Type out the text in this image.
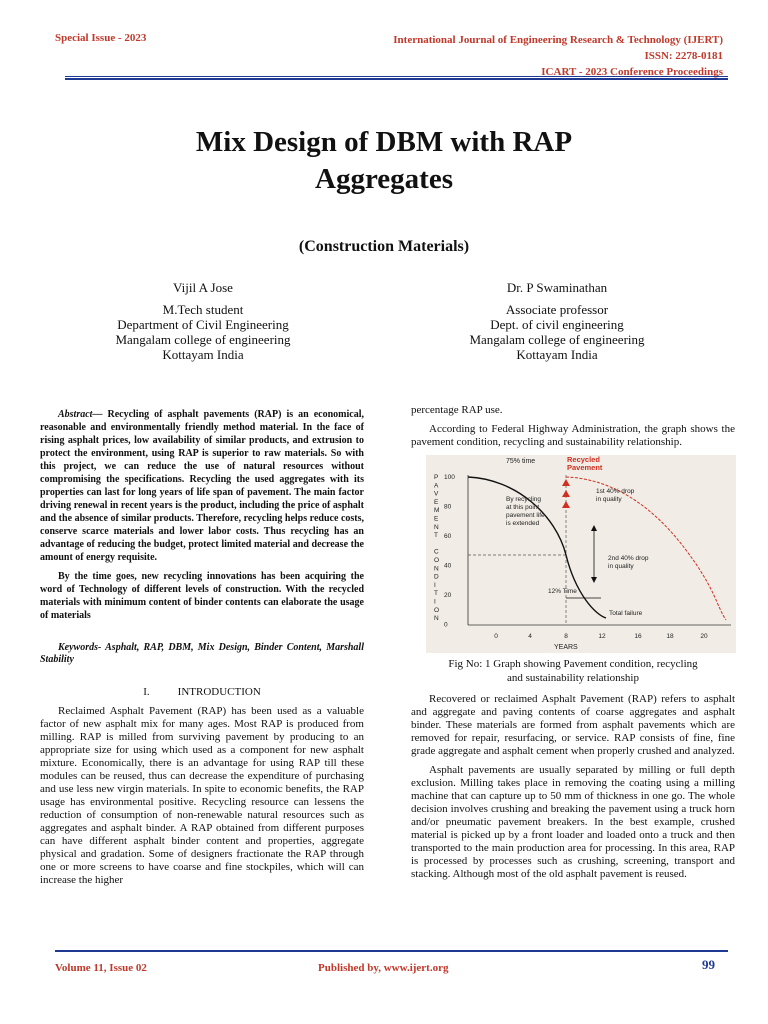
Special Issue - 2023	International Journal of Engineering Research & Technology (IJERT)
ISSN: 2278-0181
ICART - 2023 Conference Proceedings
Mix Design of DBM with RAP
Aggregates
(Construction Materials)
Vijil A Jose
M.Tech student
Department of Civil Engineering
Mangalam college of engineering
Kottayam India
Dr. P Swaminathan
Associate professor
Dept. of civil engineering
Mangalam college of engineering
Kottayam India

Abstract— Recycling of asphalt pavements (RAP) is an economical, reasonable and environmentally friendly method material. In the face of rising asphalt prices, low availability of similar products, and extrusion to protect the environment, using RAP is superior to raw materials. So with this project, we can reduce the use of natural resources without compromising the specifications. Recycling the used aggregates with its properties can last for long years of life span of pavement. The main factor driving renewal in recent years is the product, including the price of asphalt and the absence of similar products. Therefore, recycling helps reduce costs, conserve scarce materials and lower labor costs. Thus recycling has an advantage of reducing the budget, protect limited material and decrease the amount of energy requisite.

By the time goes, new recycling innovations has been acquiring the word of Technology of different levels of construction. With the recycled materials with minimum content of binder contents can elaborate the usage of materials

Keywords- Asphalt, RAP, DBM, Mix Design, Binder Content, Marshall Stability
I.	INTRODUCTION

Reclaimed Asphalt Pavement (RAP) has been used as a valuable factor of new asphalt mix for many ages. Most RAP is produced from milling. RAP is milled from surviving pavement by producing to an appropriate size for using which used as a component for new asphalt mixture. Economically, there is an advantage for using RAP till these modules can be reused, thus can decrease the expenditure of purchasing and use less new virgin materials. In spite to economic benefits, the RAP usage has environmental positive. Recycling resource can lessens the reduction of consumption of non-renewable natural resources such as aggregates and asphalt binder. A RAP obtained from different purposes can have different asphalt binder content and properties, aggregate physical and gradation. Some of designers fractionate the RAP through one or more screens to have coarse and fine stockpiles, which will can increase the higher

percentage RAP use.

According to Federal Highway Administration, the graph shows the pavement condition, recycling and sustainability relationship.

P
A
V
E
M
E
N
T
C
O
N
D
I
T
I
O
N
100
80
60
40
20
0
0	4	8	12	16	18	20
YEARS
75% time	Recycled
Pavement
By recycling
at this point
pavement life
is extended
1st 40% drop
in quality
2nd 40% drop
in quality
12% Time
Total failure
Fig No: 1 Graph showing Pavement condition, recycling
and sustainability relationship

Recovered or reclaimed Asphalt Pavement (RAP) refers to asphalt and aggregate and paving contents of coarse aggregates and asphalt binder. These materials are formed from asphalt pavements which are removed for repair, resurfacing, or service. RAP consists of fine, fine grade aggregate and asphalt cement when properly crushed and analyzed.

Asphalt pavements are usually separated by milling or full depth exclusion. Milling takes place in removing the coating using a milling machine that can capture up to 50 mm of thickness in one go. The whole decision involves crushing and breaking the pavement using a truck horn and/or pneumatic pavement breakers. In the best example, crushed material is picked up by a front loader and loaded onto a truck and then transported to the main production area for processing. In this area, RAP is processed by processes such as crushing, screening, transport and stacking. Although most of the old asphalt pavement is reused.

Volume 11, Issue 02	Published by, www.ijert.org	99
